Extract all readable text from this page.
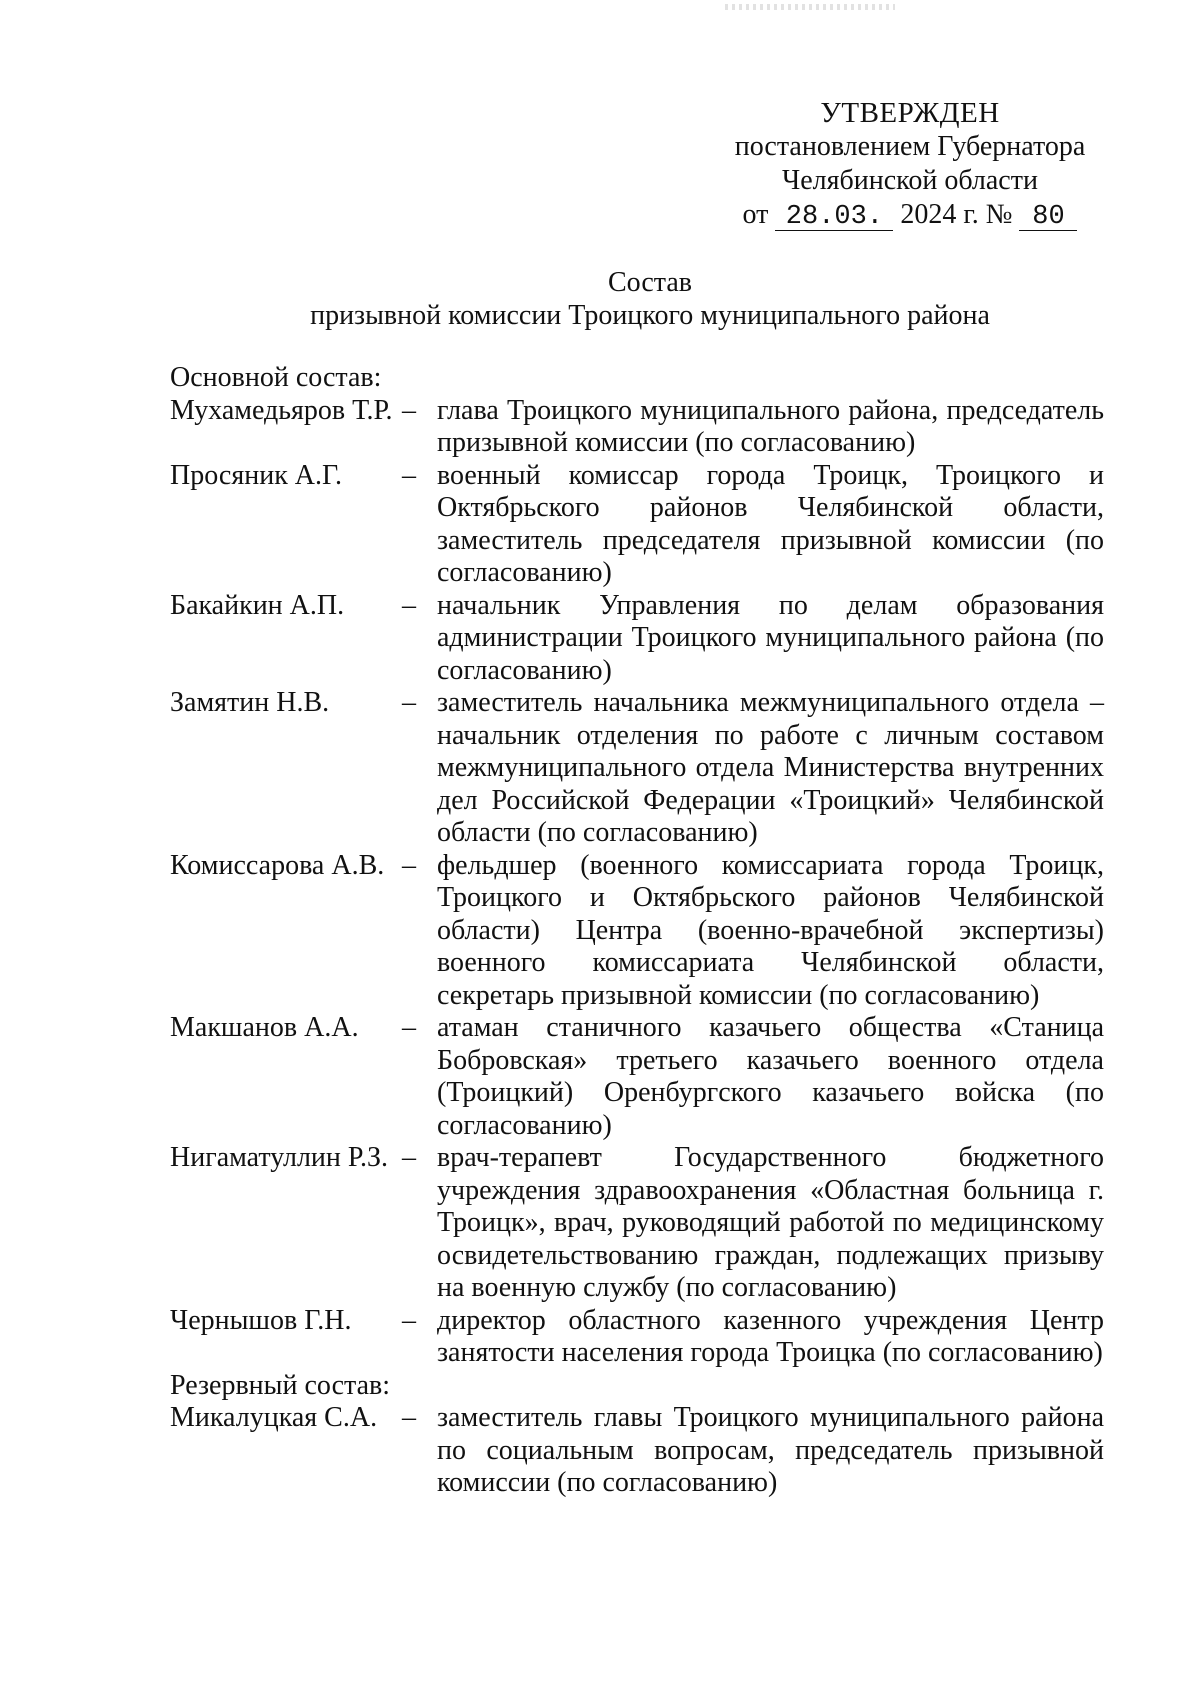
УТВЕРЖДЕН
постановлением Губернатора
Челябинской области
от 28.03. 2024 г. № 80
Состав
призывной комиссии Троицкого муниципального района
Основной состав:
Мухамедьяров Т.Р. – глава Троицкого муниципального района, председатель призывной комиссии (по согласованию)
Просяник А.Г.	– военный комиссар города Троицк, Троицкого и Октябрьского районов Челябинской области, заместитель председателя призывной комиссии (по согласованию)
Бакайкин А.П.	– начальник Управления по делам образования администрации Троицкого муниципального района (по согласованию)
Замятин Н.В.	– заместитель начальника межмуниципального отдела – начальник отделения по работе с личным составом межмуниципального отдела Министерства внутренних дел Российской Федерации «Троицкий» Челябинской области (по согласованию)
Комиссарова А.В. – фельдшер (военного комиссариата города Троицк, Троицкого и Октябрьского районов Челябинской области) Центра (военно-врачебной экспертизы) военного комиссариата Челябинской области, секретарь призывной комиссии (по согласованию)
Макшанов А.А.	– атаман станичного казачьего общества «Станица Бобровская» третьего казачьего военного отдела (Троицкий) Оренбургского казачьего войска (по согласованию)
Нигаматуллин Р.З. – врач-терапевт Государственного бюджетного учреждения здравоохранения «Областная больница г. Троицк», врач, руководящий работой по медицинскому освидетельствованию граждан, подлежащих призыву на военную службу (по согласованию)
Чернышов Г.Н.	– директор областного казенного учреждения Центр занятости населения города Троицка (по согласованию)
Резервный состав:
Микалуцкая С.А. – заместитель главы Троицкого муниципального района по социальным вопросам, председатель призывной комиссии (по согласованию)
